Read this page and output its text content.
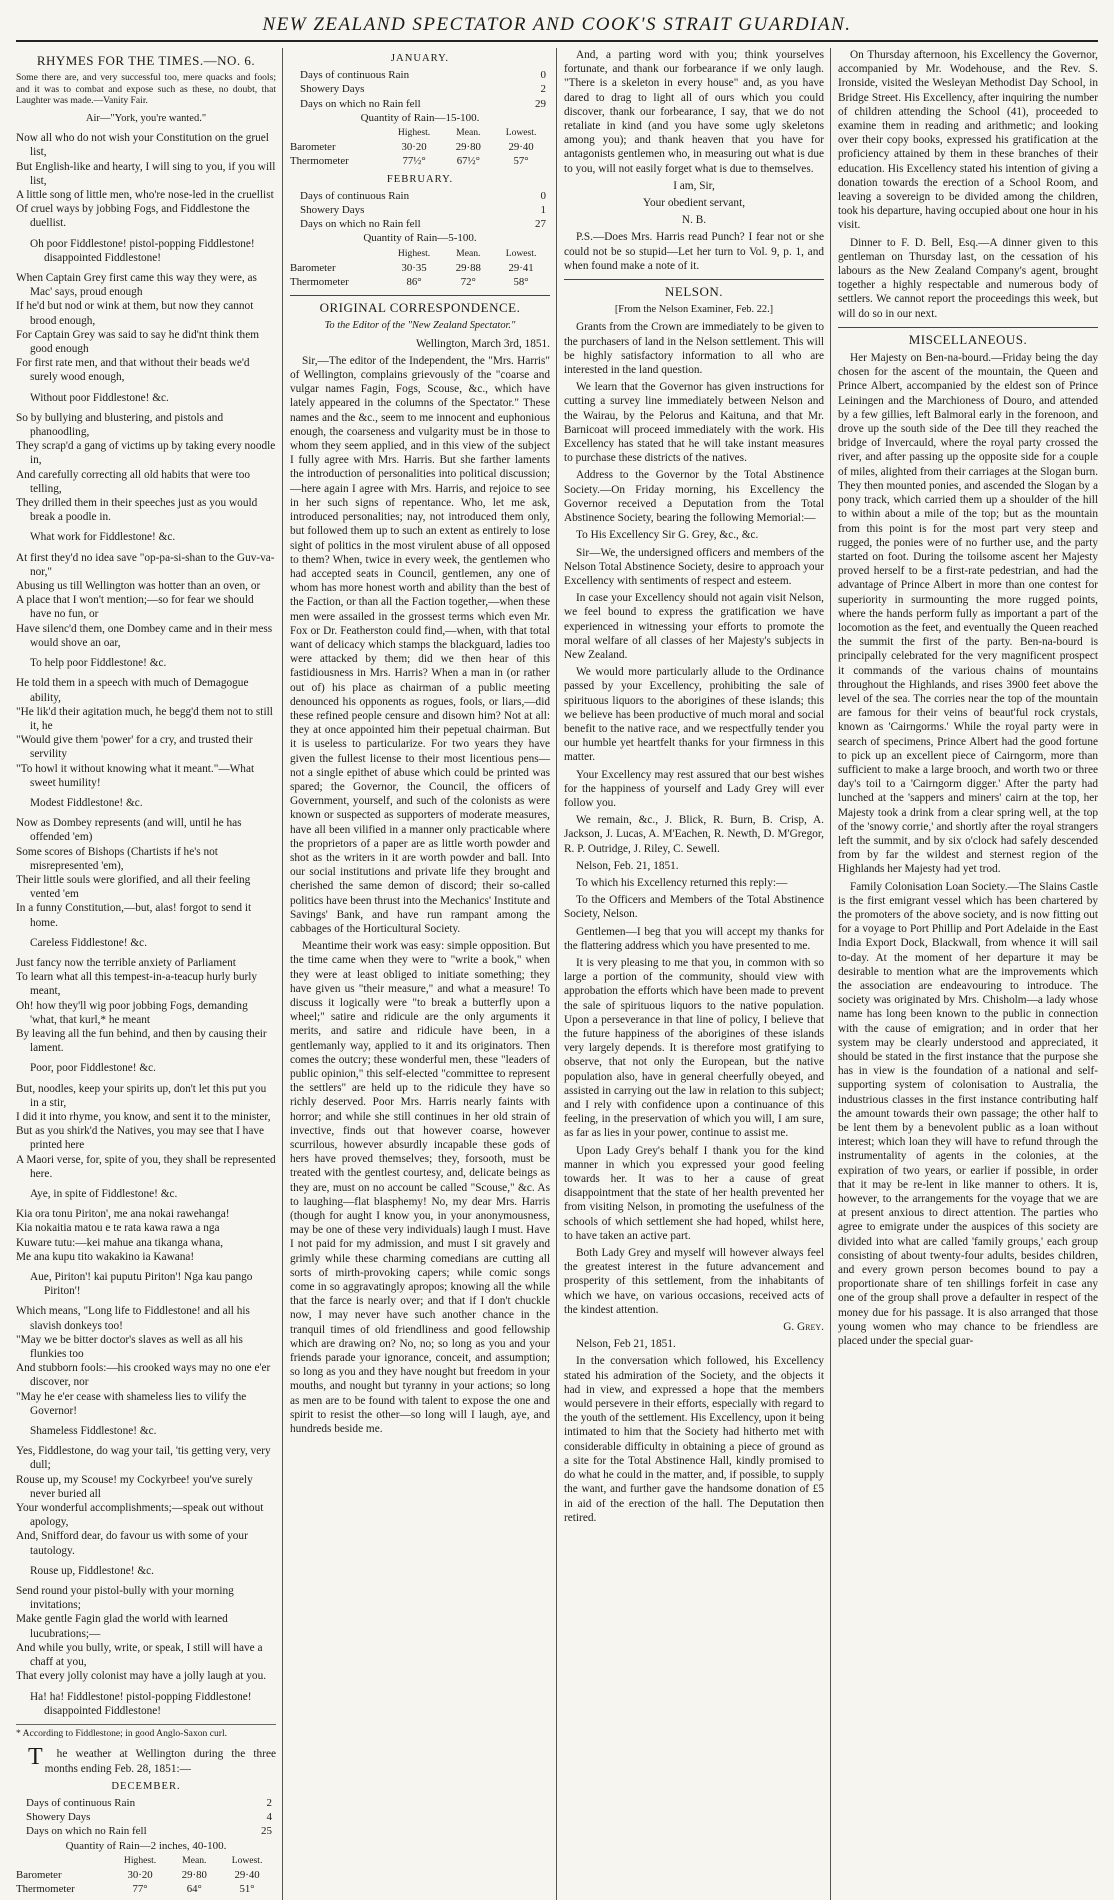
NEW ZEALAND SPECTATOR AND COOK'S STRAIT GUARDIAN.
RHYMES FOR THE TIMES.—NO. 6.
Some there are, and very successful too, mere quacks and fools; and it was to combat and expose such as these, no doubt, that Laughter was made.—Vanity Fair.
Air—"York, you're wanted."
Now all who do not wish your Constitution on the gruel list,
But English-like and hearty, I will sing to you, if you will list,
A little song of little men, who're nose-led in the cruellist
Of cruel ways by jobbing Fogs, and Fiddlestone the duellist.
Oh poor Fiddlestone! pistol-popping Fiddlestone! disappointed Fiddlestone!
When Captain Grey first came this way they were, as Mac' says, proud enough
If he'd but nod or wink at them, but now they cannot brood enough,
For Captain Grey was said to say he did'nt think them good enough
For first rate men, and that without their beads we'd surely wood enough,
Without poor Fiddlestone! &c.
So by bullying and blustering, and pistols and phanoodling,
They scrap'd a gang of victims up by taking every noodle in,
And carefully correcting all old habits that were too telling,
They drilled them in their speeches just as you would break a poodle in.
What work for Fiddlestone! &c.
At first they'd no idea save "op-pa-si-shan to the Guv-va-nor,"
Abusing us till Wellington was hotter than an oven, or
A place that I won't mention;—so for fear we should have no fun, or
Have silenc'd them, one Dombey came and in their mess would shove an oar,
To help poor Fiddlestone! &c.
He told them in a speech with much of Demagogue ability,
"He lik'd their agitation much, he begg'd them not to still it, he
"Would give them 'power' for a cry, and trusted their servility
"To howl it without knowing what it meant."—What sweet humility!
Modest Fiddlestone! &c.
Now as Dombey represents (and will, until he has offended 'em)
Some scores of Bishops (Chartists if he's not misrepresented 'em),
Their little souls were glorified, and all their feeling vented 'em
In a funny Constitution,—but, alas! forgot to send it home.
Careless Fiddlestone! &c.
Just fancy now the terrible anxiety of Parliament
To learn what all this tempest-in-a-teacup hurly burly meant,
Oh! how they'll wig poor jobbing Fogs, demanding 'what, that kurl,* he meant
By leaving all the fun behind, and then by causing their lament.
Poor, poor Fiddlestone! &c.
But, noodles, keep your spirits up, don't let this put you in a stir,
I did it into rhyme, you know, and sent it to the minister,
But as you shirk'd the Natives, you may see that I have printed here
A Maori verse, for, spite of you, they shall be represented here.
Aye, in spite of Fiddlestone! &c.
Kia ora tonu Piriton', me ana nokai rawehanga!
Kia nokaitia matou e te rata kawa rawa a nga
Kuware tutu:—kei mahue ana tikanga whana,
Me ana kupu tito wakakino ia Kawana!
Aue, Piriton'! kai puputu Piriton'! Nga kau pango Piriton'!
Which means, "Long life to Fiddlestone! and all his slavish donkeys too!
"May we be bitter doctor's slaves as well as all his flunkies too
And stubborn fools:—his crooked ways may no one e'er discover, nor
"May he e'er cease with shameless lies to vilify the Governor!
Shameless Fiddlestone! &c.
Yes, Fiddlestone, do wag your tail, 'tis getting very, very dull;
Rouse up, my Scouse! my Cockyrbee! you've surely never buried all
Your wonderful accomplishments;—speak out without apology,
And, Snifford dear, do favour us with some of your tautology.
Rouse up, Fiddlestone! &c.
Send round your pistol-bully with your morning invitations;
Make gentle Fagin glad the world with learned lucubrations;—
And while you bully, write, or speak, I still will have a chaff at you,
That every jolly colonist may have a jolly laugh at you.
Ha! ha! Fiddlestone! pistol-popping Fiddlestone! disappointed Fiddlestone!
* According to Fiddlestone; in good Anglo-Saxon curl.

The weather at Wellington during the three months ending Feb. 28, 1851:—

DECEMBER.
Days of continuous Rain	2
Showery Days	4
Days on which no Rain fell	25
Quantity of Rain—2 inches, 40-100.
	Highest.	Mean.	Lowest.
Barometer	30·20	29·80	29·40
Thermometer	77°	64°	51°
JANUARY.
Days of continuous Rain	0
Showery Days	2
Days on which no Rain fell	29
Quantity of Rain—15-100.
	Highest.	Mean.	Lowest.
Barometer	30·20	29·80	29·40
Thermometer	77½°	67½°	57°
FEBRUARY.
Days of continuous Rain	0
Showery Days	1
Days on which no Rain fell	27
Quantity of Rain—5-100.
	Highest.	Mean.	Lowest.
Barometer	30·35	29·88	29·41
Thermometer	86°	72°	58°
ORIGINAL CORRESPONDENCE.

To the Editor of the "New Zealand Spectator."

Wellington, March 3rd, 1851.

Sir,—The editor of the Independent, the "Mrs. Harris" of Wellington, complains grievously of the "coarse and vulgar names Fagin, Fogs, Scouse, &c., which have lately appeared in the columns of the Spectator." These names and the &c., seem to me innocent and euphonious enough, the coarseness and vulgarity must be in those to whom they seem applied, and in this view of the subject I fully agree with Mrs. Harris. But she farther laments the introduction of personalities into political discussion;—here again I agree with Mrs. Harris, and rejoice to see in her such signs of repentance. Who, let me ask, introduced personalities; nay, not introduced them only, but followed them up to such an extent as entirely to lose sight of politics in the most virulent abuse of all opposed to them? When, twice in every week, the gentlemen who had accepted seats in Council, gentlemen, any one of whom has more honest worth and ability than the best of the Faction, or than all the Faction together,—when these men were assailed in the grossest terms which even Mr. Fox or Dr. Featherston could find,—when, with that total want of delicacy which stamps the blackguard, ladies too were attacked by them; did we then hear of this fastidiousness in Mrs. Harris? When a man in (or rather out of) his place as chairman of a public meeting denounced his opponents as rogues, fools, or liars,—did these refined people censure and disown him? Not at all: they at once appointed him their pepetual chairman. But it is useless to particularize. For two years they have given the fullest license to their most licentious pens—not a single epithet of abuse which could be printed was spared; the Governor, the Council, the officers of Government, yourself, and such of the colonists as were known or suspected as supporters of moderate measures, have all been vilified in a manner only practicable where the proprietors of a paper are as little worth powder and shot as the writers in it are worth powder and ball. Into our social institutions and private life they brought and cherished the same demon of discord; their so-called politics have been thrust into the Mechanics' Institute and Savings' Bank, and have run rampant among the cabbages of the Horticultural Society.

Meantime their work was easy: simple opposition. But the time came when they were to "write a book," when they were at least obliged to initiate something; they have given us "their measure," and what a measure! To discuss it logically were "to break a butterfly upon a wheel;" satire and ridicule are the only arguments it merits, and satire and ridicule have been, in a gentlemanly way, applied to it and its originators. Then comes the outcry; these wonderful men, these "leaders of public opinion," this self-elected "committee to represent the settlers" are held up to the ridicule they have so richly deserved. Poor Mrs. Harris nearly faints with horror; and while she still continues in her old strain of invective, finds out that however coarse, however scurrilous, however absurdly incapable these gods of hers have proved themselves; they, forsooth, must be treated with the gentlest courtesy, and, delicate beings as they are, must on no account be called "Scouse," &c. As to laughing—flat blasphemy! No, my dear Mrs. Harris (though for aught I know you, in your anonymousness, may be one of these very individuals) laugh I must. Have I not paid for my admission, and must I sit gravely and grimly while these charming comedians are cutting all sorts of mirth-provoking capers; while comic songs come in so aggravatingly apropos; knowing all the while that the farce is nearly over; and that if I don't chuckle now, I may never have such another chance in the tranquil times of old friendliness and good fellowship which are drawing on? No, no; so long as you and your friends parade your ignorance, conceit, and assumption; so long as you and they have nought but freedom in your mouths, and nought but tyranny in your actions; so long as men are to be found with talent to expose the one and spirit to resist the other—so long will I laugh, aye, and hundreds beside me.

And, a parting word with you; think yourselves fortunate, and thank our forbearance if we only laugh. "There is a skeleton in every house" and, as you have dared to drag to light all of ours which you could discover, thank our forbearance, I say, that we do not retaliate in kind (and you have some ugly skeletons among you); and thank heaven that you have for antagonists gentlemen who, in measuring out what is due to you, will not easily forget what is due to themselves.

I am, Sir,

Your obedient servant,

N. B.

P.S.—Does Mrs. Harris read Punch? I fear not or she could not be so stupid—Let her turn to Vol. 9, p. 1, and when found make a note of it.

NELSON.

[From the Nelson Examiner, Feb. 22.]

Grants from the Crown are immediately to be given to the purchasers of land in the Nelson settlement. This will be highly satisfactory information to all who are interested in the land question.

We learn that the Governor has given instructions for cutting a survey line immediately between Nelson and the Wairau, by the Pelorus and Kaituna, and that Mr. Barnicoat will proceed immediately with the work. His Excellency has stated that he will take instant measures to purchase these districts of the natives.

Address to the Governor by the Total Abstinence Society.—On Friday morning, his Excellency the Governor received a Deputation from the Total Abstinence Society, bearing the following Memorial:—

To His Excellency Sir G. Grey, &c., &c.

Sir—We, the undersigned officers and members of the Nelson Total Abstinence Society, desire to approach your Excellency with sentiments of respect and esteem.

In case your Excellency should not again visit Nelson, we feel bound to express the gratification we have experienced in witnessing your efforts to promote the moral welfare of all classes of her Majesty's subjects in New Zealand.

We would more particularly allude to the Ordinance passed by your Excellency, prohibiting the sale of spirituous liquors to the aborigines of these islands; this we believe has been productive of much moral and social benefit to the native race, and we respectfully tender you our humble yet heartfelt thanks for your firmness in this matter.

Your Excellency may rest assured that our best wishes for the happiness of yourself and Lady Grey will ever follow you.

We remain, &c., J. Blick, R. Burn, B. Crisp, A. Jackson, J. Lucas, A. M'Eachen, R. Newth, D. M'Gregor, R. P. Outridge, J. Riley, C. Sewell.

Nelson, Feb. 21, 1851.

To which his Excellency returned this reply:—

To the Officers and Members of the Total Abstinence Society, Nelson.

Gentlemen—I beg that you will accept my thanks for the flattering address which you have presented to me.

It is very pleasing to me that you, in common with so large a portion of the community, should view with approbation the efforts which have been made to prevent the sale of spirituous liquors to the native population. Upon a perseverance in that line of policy, I believe that the future happiness of the aborigines of these islands very largely depends. It is therefore most gratifying to observe, that not only the European, but the native population also, have in general cheerfully obeyed, and assisted in carrying out the law in relation to this subject; and I rely with confidence upon a continuance of this feeling, in the preservation of which you will, I am sure, as far as lies in your power, continue to assist me.

Upon Lady Grey's behalf I thank you for the kind manner in which you expressed your good feeling towards her. It was to her a cause of great disappointment that the state of her health prevented her from visiting Nelson, in promoting the usefulness of the schools of which settlement she had hoped, whilst here, to have taken an active part.

Both Lady Grey and myself will however always feel the greatest interest in the future advancement and prosperity of this settlement, from the inhabitants of which we have, on various occasions, received acts of the kindest attention.

G. Grey.

Nelson, Feb 21, 1851.

In the conversation which followed, his Excellency stated his admiration of the Society, and the objects it had in view, and expressed a hope that the members would persevere in their efforts, especially with regard to the youth of the settlement. His Excellency, upon it being intimated to him that the Society had hitherto met with considerable difficulty in obtaining a piece of ground as a site for the Total Abstinence Hall, kindly promised to do what he could in the matter, and, if possible, to supply the want, and further gave the handsome donation of £5 in aid of the erection of the hall. The Deputation then retired.

On Thursday afternoon, his Excellency the Governor, accompanied by Mr. Wodehouse, and the Rev. S. Ironside, visited the Wesleyan Methodist Day School, in Bridge Street. His Excellency, after inquiring the number of children attending the School (41), proceeded to examine them in reading and arithmetic; and looking over their copy books, expressed his gratification at the proficiency attained by them in these branches of their education. His Excellency stated his intention of giving a donation towards the erection of a School Room, and leaving a sovereign to be divided among the children, took his departure, having occupied about one hour in his visit.

Dinner to F. D. Bell, Esq.—A dinner given to this gentleman on Thursday last, on the cessation of his labours as the New Zealand Company's agent, brought together a highly respectable and numerous body of settlers. We cannot report the proceedings this week, but will do so in our next.

MISCELLANEOUS.

Her Majesty on Ben-na-bourd.—Friday being the day chosen for the ascent of the mountain, the Queen and Prince Albert, accompanied by the eldest son of Prince Leiningen and the Marchioness of Douro, and attended by a few gillies, left Balmoral early in the forenoon, and drove up the south side of the Dee till they reached the bridge of Invercauld, where the royal party crossed the river, and after passing up the opposite side for a couple of miles, alighted from their carriages at the Slogan burn. They then mounted ponies, and ascended the Slogan by a pony track, which carried them up a shoulder of the hill to within about a mile of the top; but as the mountain from this point is for the most part very steep and rugged, the ponies were of no further use, and the party started on foot. During the toilsome ascent her Majesty proved herself to be a first-rate pedestrian, and had the advantage of Prince Albert in more than one contest for superiority in surmounting the more rugged points, where the hands perform fully as important a part of the locomotion as the feet, and eventually the Queen reached the summit the first of the party. Ben-na-bourd is principally celebrated for the very magnificent prospect it commands of the various chains of mountains throughout the Highlands, and rises 3900 feet above the level of the sea. The corries near the top of the mountain are famous for their veins of beaut'ful rock crystals, known as 'Cairngorms.' While the royal party were in search of specimens, Prince Albert had the good fortune to pick up an excellent piece of Cairngorm, more than sufficient to make a large brooch, and worth two or three day's toil to a 'Cairngorm digger.' After the party had lunched at the 'sappers and miners' cairn at the top, her Majesty took a drink from a clear spring well, at the top of the 'snowy corrie,' and shortly after the royal strangers left the summit, and by six o'clock had safely descended from by far the wildest and sternest region of the Highlands her Majesty had yet trod.

Family Colonisation Loan Society.—The Slains Castle is the first emigrant vessel which has been chartered by the promoters of the above society, and is now fitting out for a voyage to Port Phillip and Port Adelaide in the East India Export Dock, Blackwall, from whence it will sail to-day. At the moment of her departure it may be desirable to mention what are the improvements which the association are endeavouring to introduce. The society was originated by Mrs. Chisholm—a lady whose name has long been known to the public in connection with the cause of emigration; and in order that her system may be clearly understood and appreciated, it should be stated in the first instance that the purpose she has in view is the foundation of a national and self-supporting system of colonisation to Australia, the industrious classes in the first instance contributing half the amount towards their own passage; the other half to be lent them by a benevolent public as a loan without interest; which loan they will have to refund through the instrumentality of agents in the colonies, at the expiration of two years, or earlier if possible, in order that it may be re-lent in like manner to others. It is, however, to the arrangements for the voyage that we are at present anxious to direct attention. The parties who agree to emigrate under the auspices of this society are divided into what are called 'family groups,' each group consisting of about twenty-four adults, besides children, and every grown person becomes bound to pay a proportionate share of ten shillings forfeit in case any one of the group shall prove a defaulter in respect of the money due for his passage. It is also arranged that those young women who may chance to be friendless are placed under the special guar-
